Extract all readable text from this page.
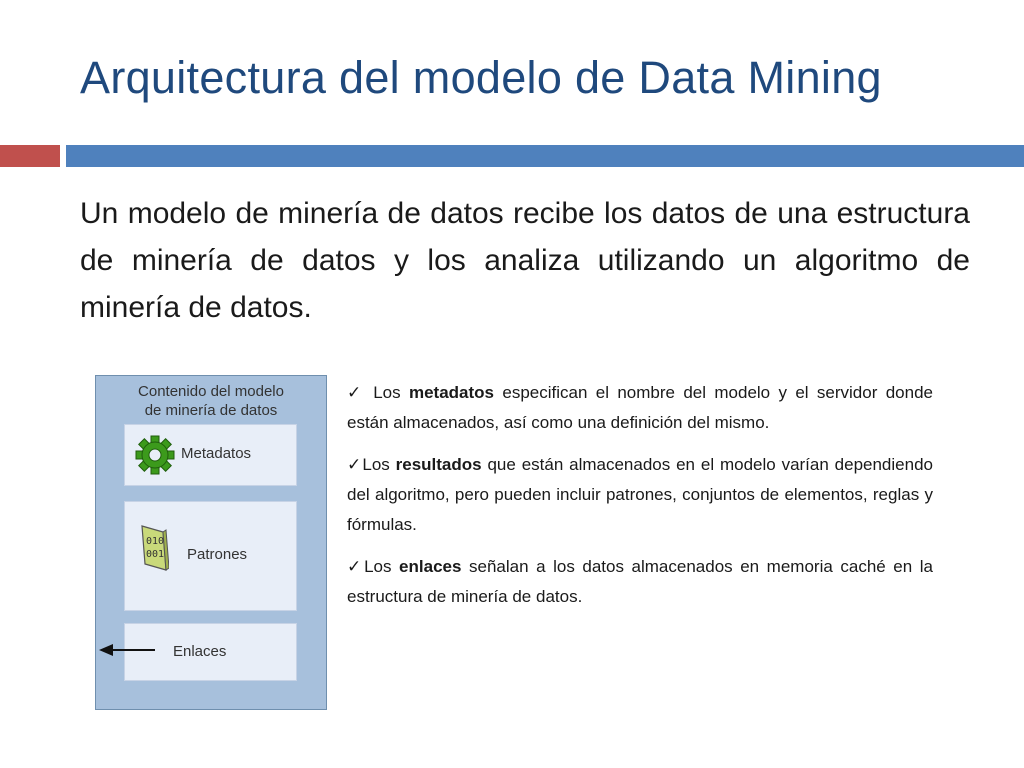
Arquitectura del modelo de Data Mining
Un modelo de minería de datos recibe los datos de una estructura de minería de datos y los analiza utilizando un algoritmo de minería de datos.
Contenido del modelo
de minería de datos
Metadatos
010
001 Patrones
Enlaces

✓ Los metadatos especifican el nombre del modelo y el servidor donde están almacenados, así como una definición del mismo.

✓Los resultados que están almacenados en el modelo varían dependiendo del algoritmo, pero pueden incluir patrones, conjuntos de elementos, reglas y fórmulas.

✓Los enlaces señalan a los datos almacenados en memoria caché en la estructura de minería de datos.
